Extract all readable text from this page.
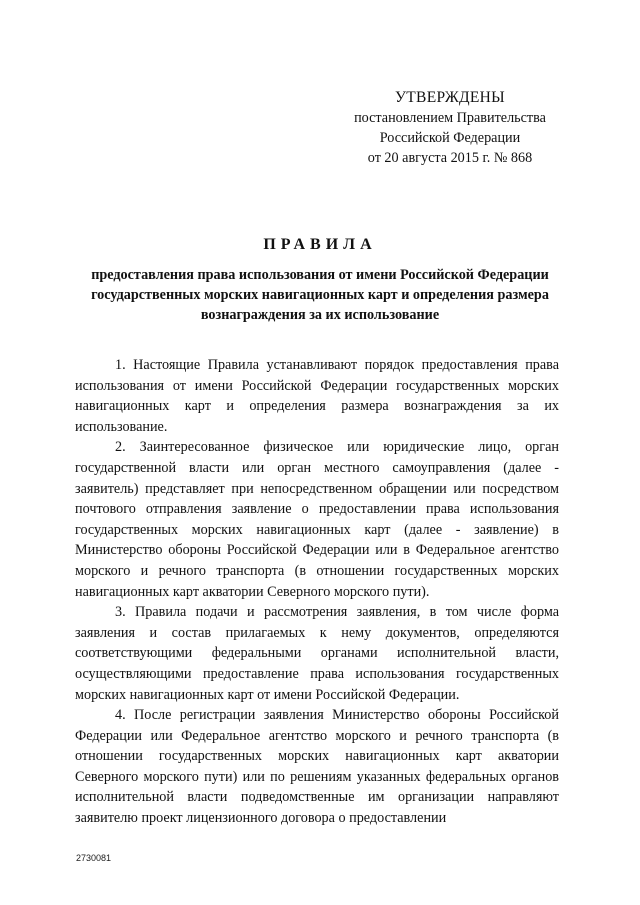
УТВЕРЖДЕНЫ
постановлением Правительства
Российской Федерации
от 20 августа 2015 г. № 868
ПРАВИЛА
предоставления права использования от имени Российской Федерации государственных морских навигационных карт и определения размера вознаграждения за их использование

1. Настоящие Правила устанавливают порядок предоставления права использования от имени Российской Федерации государственных морских навигационных карт и определения размера вознаграждения за их использование.

2. Заинтересованное физическое или юридические лицо, орган государственной власти или орган местного самоуправления (далее - заявитель) представляет при непосредственном обращении или посредством почтового отправления заявление о предоставлении права использования государственных морских навигационных карт (далее - заявление) в Министерство обороны Российской Федерации или в Федеральное агентство морского и речного транспорта (в отношении государственных морских навигационных карт акватории Северного морского пути).

3. Правила подачи и рассмотрения заявления, в том числе форма заявления и состав прилагаемых к нему документов, определяются соответствующими федеральными органами исполнительной власти, осуществляющими предоставление права использования государственных морских навигационных карт от имени Российской Федерации.

4. После регистрации заявления Министерство обороны Российской Федерации или Федеральное агентство морского и речного транспорта (в отношении государственных морских навигационных карт акватории Северного морского пути) или по решениям указанных федеральных органов исполнительной власти подведомственные им организации направляют заявителю проект лицензионного договора о предоставлении

2730081
